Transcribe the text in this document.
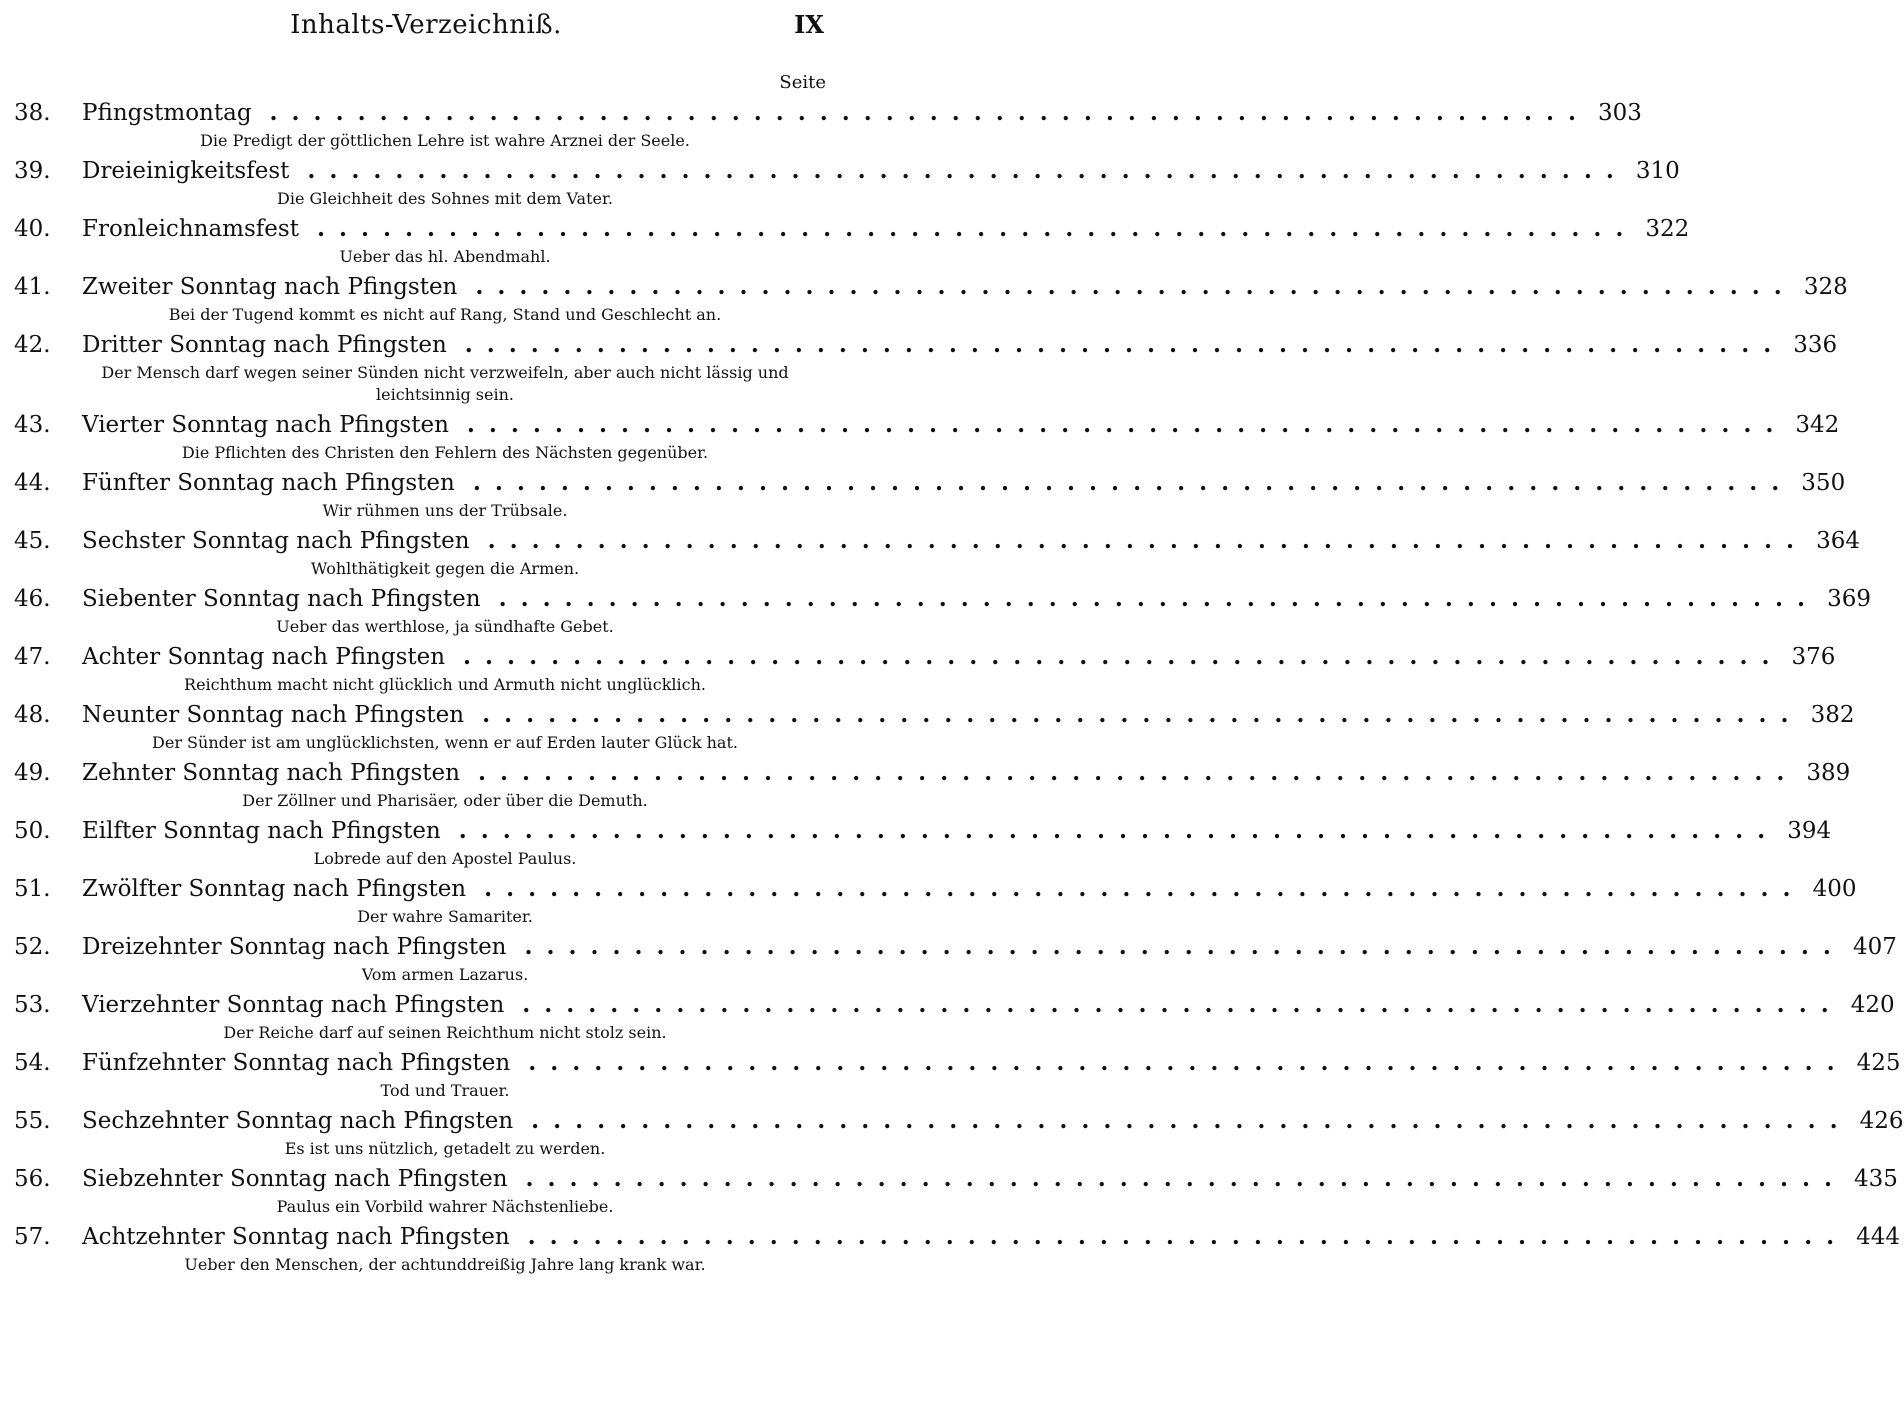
Inhalts-Verzeichniß.	IX
Seite
38.	Pfingstmontag ............................................................ 303
Die Predigt der göttlichen Lehre ist wahre Arznei der Seele.
39.	Dreieinigkeitsfest ............................................................ 310
Die Gleichheit des Sohnes mit dem Vater.
40.	Fronleichnamsfest ............................................................ 322
Ueber das hl. Abendmahl.
41.	Zweiter Sonntag nach Pfingsten ............................................................ 328
Bei der Tugend kommt es nicht auf Rang, Stand und Geschlecht an.
42.	Dritter Sonntag nach Pfingsten ............................................................ 336
Der Mensch darf wegen seiner Sünden nicht verzweifeln, aber auch nicht lässig und leichtsinnig sein.
43.	Vierter Sonntag nach Pfingsten ............................................................ 342
Die Pflichten des Christen den Fehlern des Nächsten gegenüber.
44.	Fünfter Sonntag nach Pfingsten ............................................................ 350
Wir rühmen uns der Trübsale.
45.	Sechster Sonntag nach Pfingsten ............................................................ 364
Wohlthätigkeit gegen die Armen.
46.	Siebenter Sonntag nach Pfingsten ............................................................ 369
Ueber das werthlose, ja sündhafte Gebet.
47.	Achter Sonntag nach Pfingsten ............................................................ 376
Reichthum macht nicht glücklich und Armuth nicht unglücklich.
48.	Neunter Sonntag nach Pfingsten ............................................................ 382
Der Sünder ist am unglücklichsten, wenn er auf Erden lauter Glück hat.
49.	Zehnter Sonntag nach Pfingsten ............................................................ 389
Der Zöllner und Pharisäer, oder über die Demuth.
50.	Eilfter Sonntag nach Pfingsten ............................................................ 394
Lobrede auf den Apostel Paulus.
51.	Zwölfter Sonntag nach Pfingsten ............................................................ 400
Der wahre Samariter.
52.	Dreizehnter Sonntag nach Pfingsten ............................................................ 407
Vom armen Lazarus.
53.	Vierzehnter Sonntag nach Pfingsten ............................................................ 420
Der Reiche darf auf seinen Reichthum nicht stolz sein.
54.	Fünfzehnter Sonntag nach Pfingsten ............................................................ 425
Tod und Trauer.
55.	Sechzehnter Sonntag nach Pfingsten ............................................................ 426
Es ist uns nützlich, getadelt zu werden.
56.	Siebzehnter Sonntag nach Pfingsten ............................................................ 435
Paulus ein Vorbild wahrer Nächstenliebe.
57.	Achtzehnter Sonntag nach Pfingsten ............................................................ 444
Ueber den Menschen, der achtunddreißig Jahre lang krank war.
